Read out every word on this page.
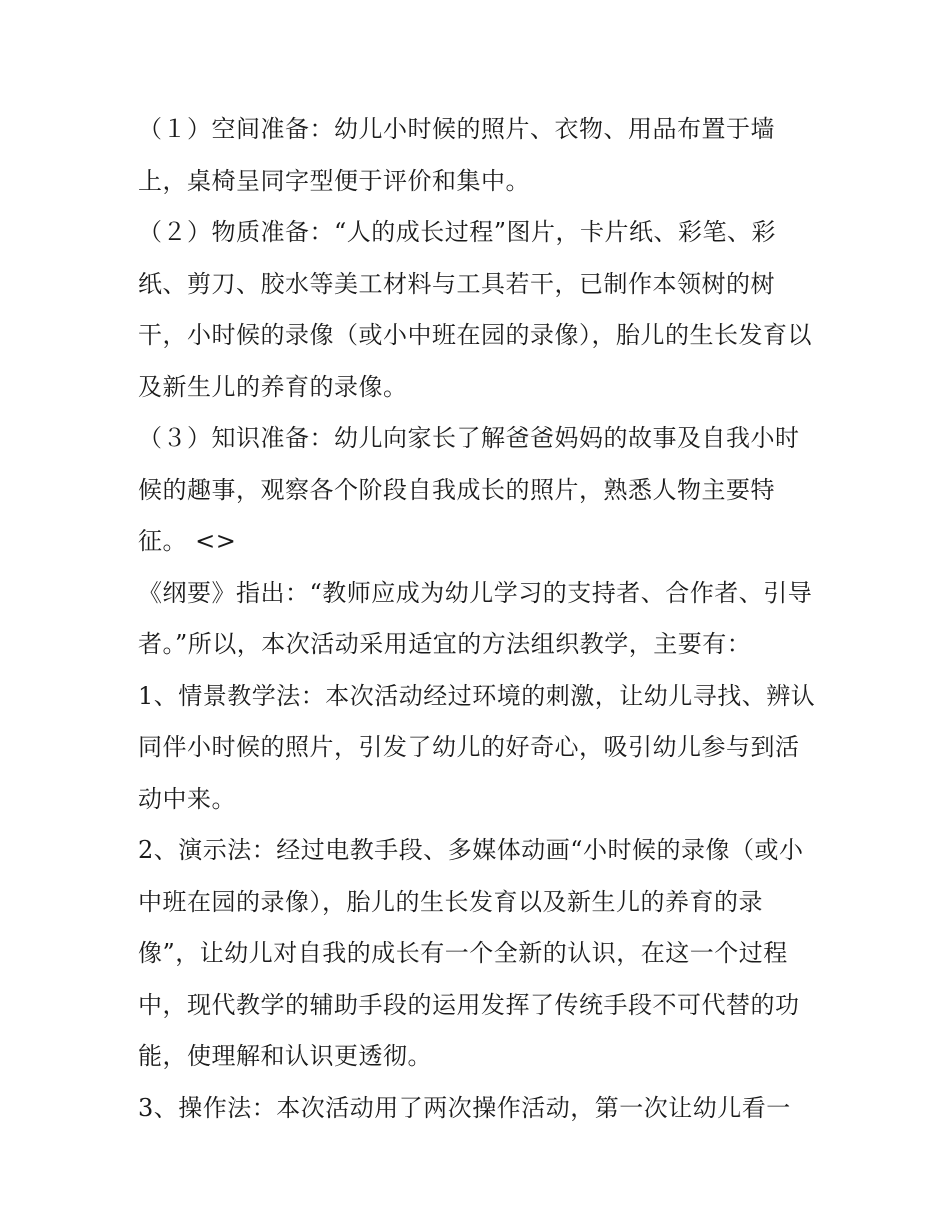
（１）空间准备：幼儿小时候的照片、衣物、用品布置于墙上，桌椅呈同字型便于评价和集中。

（２）物质准备：“人的成长过程”图片，卡片纸、彩笔、彩纸、剪刀、胶水等美工材料与工具若干，已制作本领树的树干，小时候的录像（或小中班在园的录像），胎儿的生长发育以及新生儿的养育的录像。

（３）知识准备：幼儿向家长了解爸爸妈妈的故事及自我小时候的趣事，观察各个阶段自我成长的照片，熟悉人物主要特征。 <>

《纲要》指出：“教师应成为幼儿学习的支持者、合作者、引导者。”所以，本次活动采用适宜的方法组织教学，主要有：

1、情景教学法：本次活动经过环境的刺激，让幼儿寻找、辨认同伴小时候的照片，引发了幼儿的好奇心，吸引幼儿参与到活动中来。

2、演示法：经过电教手段、多媒体动画“小时候的录像（或小中班在园的录像），胎儿的生长发育以及新生儿的养育的录像”，让幼儿对自我的成长有一个全新的认识，在这一个过程中，现代教学的辅助手段的运用发挥了传统手段不可代替的功能，使理解和认识更透彻。

3、操作法：本次活动用了两次操作活动，第一次让幼儿看一
